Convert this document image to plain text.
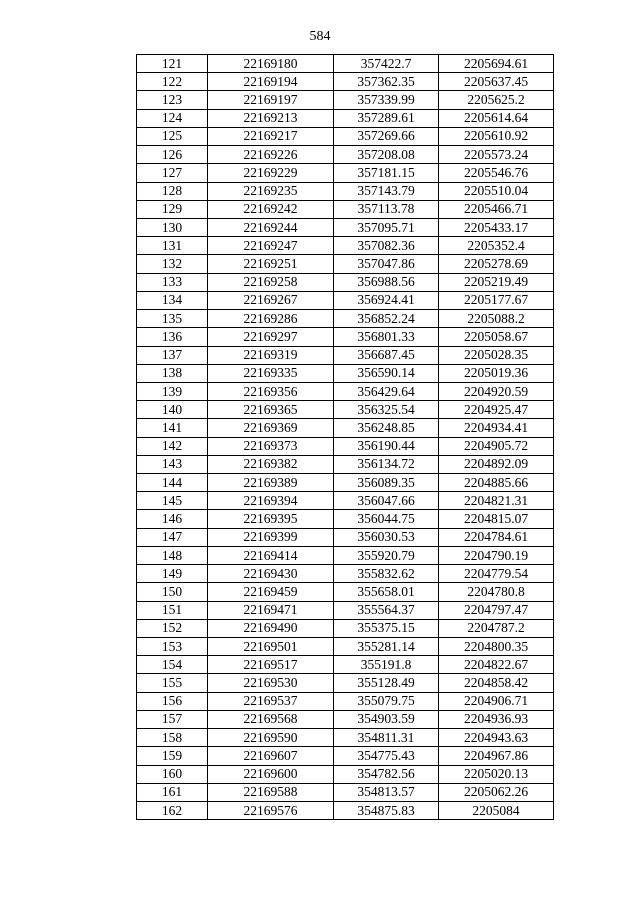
584
121	22169180	357422.7	2205694.61
122	22169194	357362.35	2205637.45
123	22169197	357339.99	2205625.2
124	22169213	357289.61	2205614.64
125	22169217	357269.66	2205610.92
126	22169226	357208.08	2205573.24
127	22169229	357181.15	2205546.76
128	22169235	357143.79	2205510.04
129	22169242	357113.78	2205466.71
130	22169244	357095.71	2205433.17
131	22169247	357082.36	2205352.4
132	22169251	357047.86	2205278.69
133	22169258	356988.56	2205219.49
134	22169267	356924.41	2205177.67
135	22169286	356852.24	2205088.2
136	22169297	356801.33	2205058.67
137	22169319	356687.45	2205028.35
138	22169335	356590.14	2205019.36
139	22169356	356429.64	2204920.59
140	22169365	356325.54	2204925.47
141	22169369	356248.85	2204934.41
142	22169373	356190.44	2204905.72
143	22169382	356134.72	2204892.09
144	22169389	356089.35	2204885.66
145	22169394	356047.66	2204821.31
146	22169395	356044.75	2204815.07
147	22169399	356030.53	2204784.61
148	22169414	355920.79	2204790.19
149	22169430	355832.62	2204779.54
150	22169459	355658.01	2204780.8
151	22169471	355564.37	2204797.47
152	22169490	355375.15	2204787.2
153	22169501	355281.14	2204800.35
154	22169517	355191.8	2204822.67
155	22169530	355128.49	2204858.42
156	22169537	355079.75	2204906.71
157	22169568	354903.59	2204936.93
158	22169590	354811.31	2204943.63
159	22169607	354775.43	2204967.86
160	22169600	354782.56	2205020.13
161	22169588	354813.57	2205062.26
162	22169576	354875.83	2205084
